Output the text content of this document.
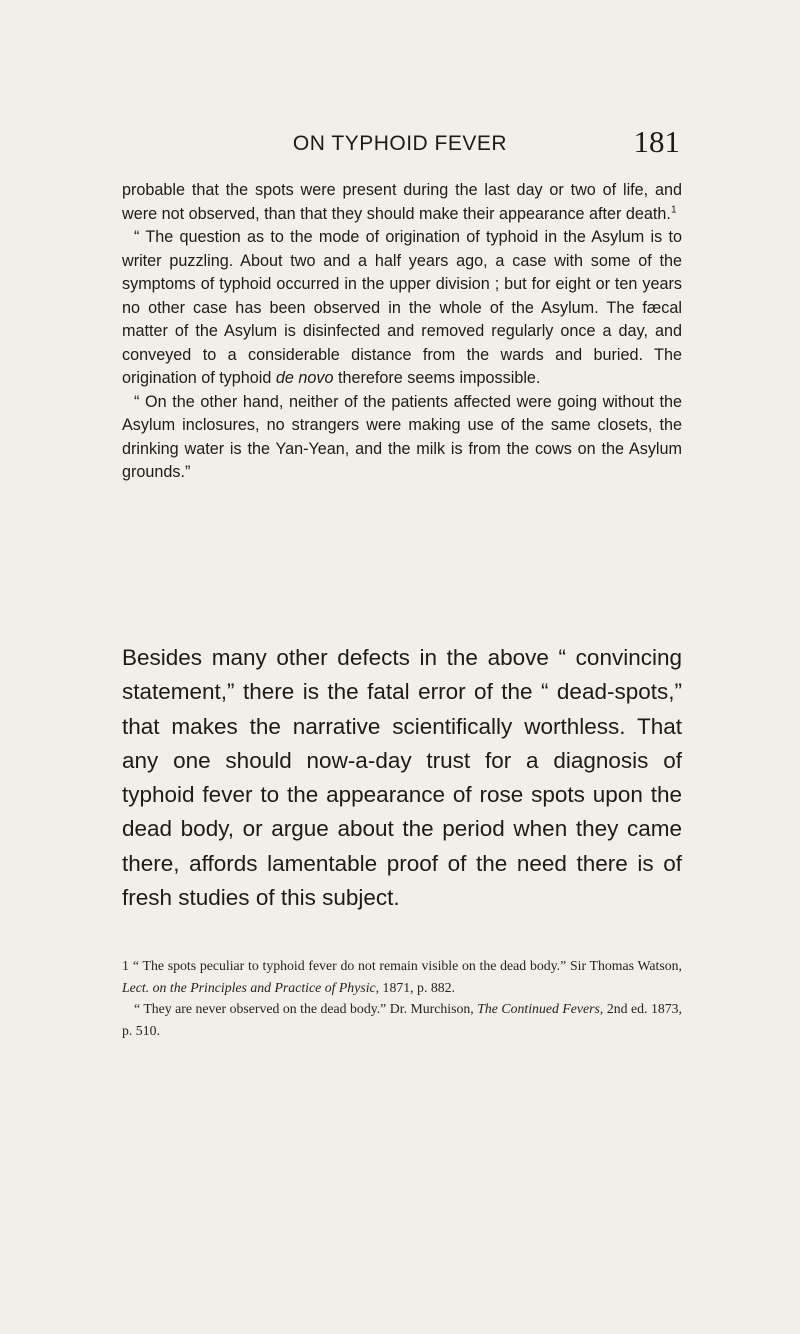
ON TYPHOID FEVER	181

probable that the spots were present during the last day or two of life, and were not observed, than that they should make their appearance after death.$^1$

“ The question as to the mode of origination of typhoid in the Asylum is to writer puzzling. About two and a half years ago, a case with some of the symptoms of typhoid occurred in the upper division ; but for eight or ten years no other case has been observed in the whole of the Asylum. The fæcal matter of the Asylum is disinfected and removed regularly once a day, and conveyed to a considerable distance from the wards and buried. The origination of typhoid de novo therefore seems impossible.

“ On the other hand, neither of the patients affected were going without the Asylum inclosures, no strangers were making use of the same closets, the drinking water is the Yan-Yean, and the milk is from the cows on the Asylum grounds.”

Besides many other defects in the above “ convincing statement,” there is the fatal error of the “ dead-spots,” that makes the narrative scientifically worthless. That any one should now-a-day trust for a diagnosis of typhoid fever to the appearance of rose spots upon the dead body, or argue about the period when they came there, affords lamentable proof of the need there is of fresh studies of this subject.

1 “ The spots peculiar to typhoid fever do not remain visible on the dead body.” Sir Thomas Watson, Lect. on the Principles and Practice of Physic, 1871, p. 882.

“ They are never observed on the dead body.” Dr. Murchison, The Continued Fevers, 2nd ed. 1873, p. 510.
